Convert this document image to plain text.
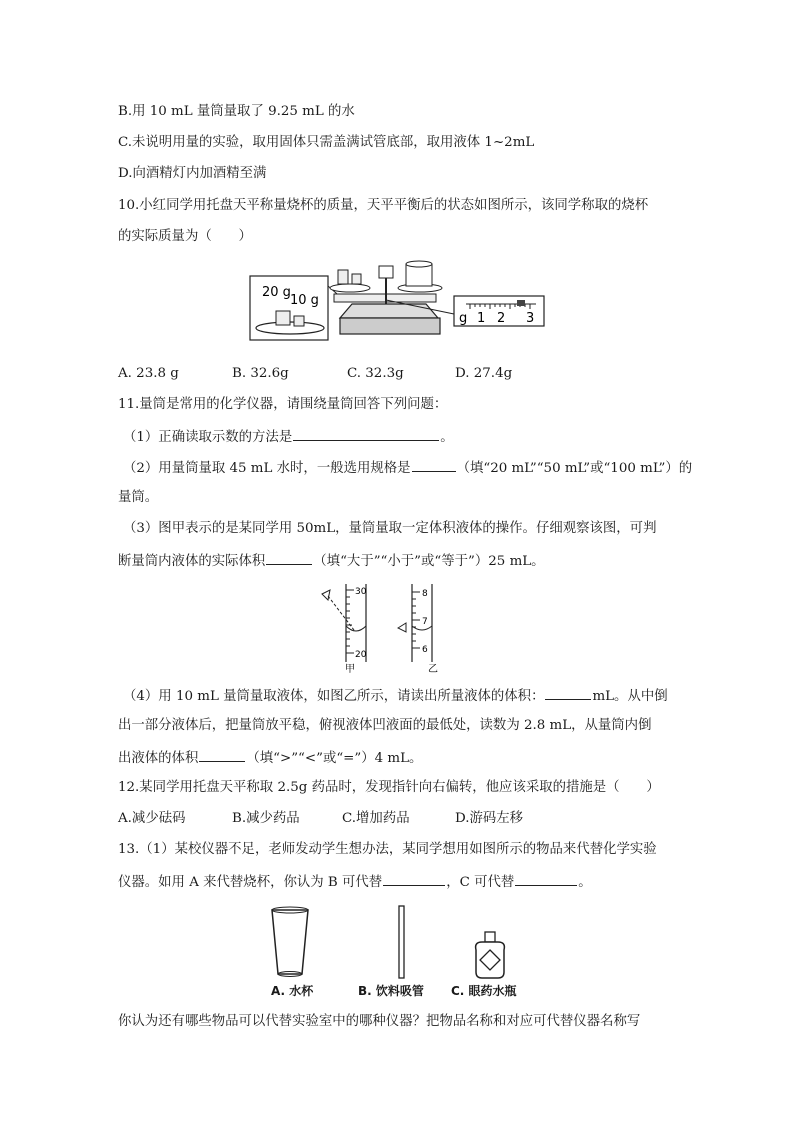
B.用 10 mL 量筒量取了 9.25 mL 的水
C.未说明用量的实验，取用固体只需盖满试管底部，取用液体 1~2mL
D.向酒精灯内加酒精至满
10.小红同学用托盘天平称量烧杯的质量，天平平衡后的状态如图所示，该同学称取的烧杯
的实际质量为（　　）
20 g
10 g
g 1 2 3
A. 23.8 g	B. 32.6g	C. 32.3g	D. 27.4g
11.量筒是常用的化学仪器，请围绕量筒回答下列问题：
（1）正确读取示数的方法是	。
（2）用量筒量取 45 mL 水时，一般选用规格是	（填“20 mL”“50 mL”或“100 mL”）的
量筒。
（3）图甲表示的是某同学用 50mL，量筒量取一定体积液体的操作。仔细观察该图，可判
断量筒内液体的实际体积	（填“大于”“小于”或“等于”）25 mL。
30
20
甲
8
7
6
乙
（4）用 10 mL 量筒量取液体，如图乙所示，请读出所量液体的体积：	mL。从中倒
出一部分液体后，把量筒放平稳，俯视液体凹液面的最低处，读数为 2.8 mL，从量筒内倒
出液体的体积	（填“>”“<”或“=”）4 mL。
12.某同学用托盘天平称取 2.5g 药品时，发现指针向右偏转，他应该采取的措施是（　　）
A.减少砝码	B.减少药品	C.增加药品	D.游码左移
13.（1）某校仪器不足，老师发动学生想办法，某同学想用如图所示的物品来代替化学实验
仪器。如用 A 来代替烧杯，你认为 B 可代替	，C 可代替	。
A. 水杯	B. 饮料吸管 C. 眼药水瓶
你认为还有哪些物品可以代替实验室中的哪种仪器？把物品名称和对应可代替仪器名称写
